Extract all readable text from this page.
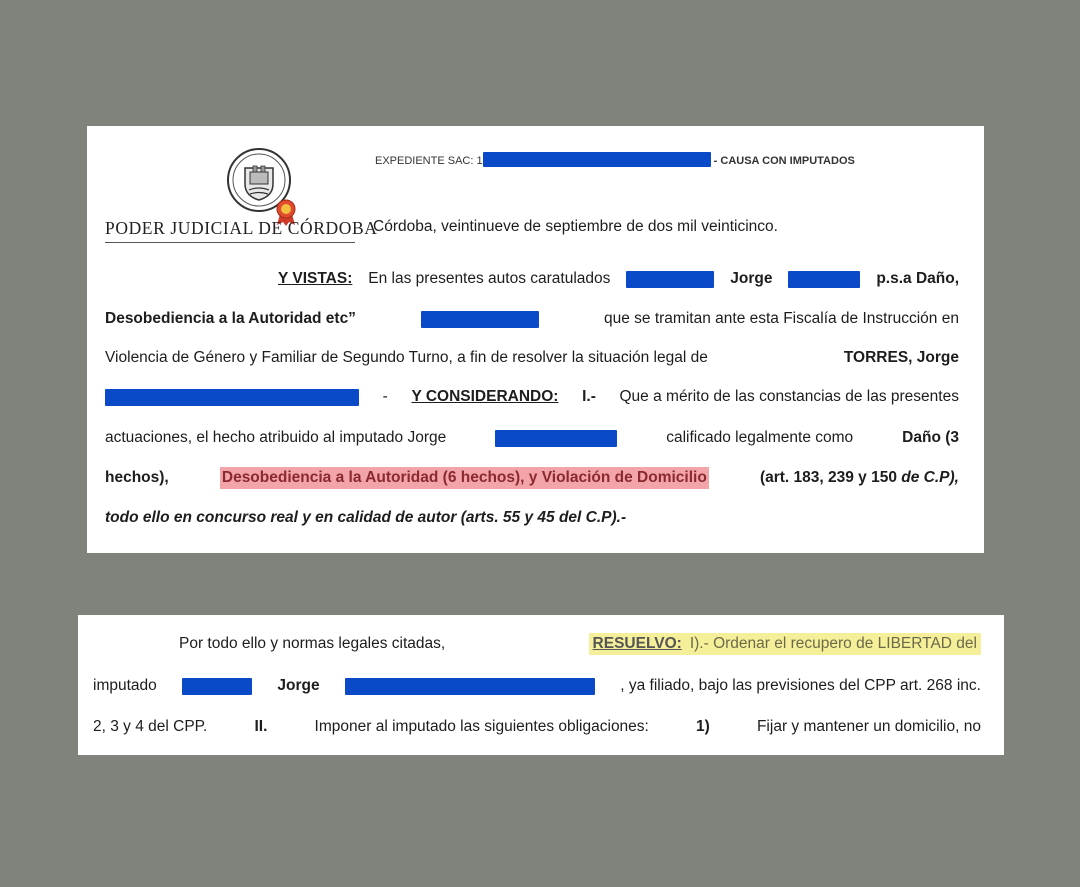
PODER JUDICIAL DE CÓRDOBA
EXPEDIENTE SAC: 1	- CAUSA CON IMPUTADOS
Córdoba, veintinueve de septiembre de dos mil veinticinco.
Y VISTAS: En las presentes autos caratulados	Jorge	p.s.a Daño,
Desobediencia a la Autoridad etc”	que se tramitan ante esta Fiscalía de Instrucción en
Violencia de Género y Familiar de Segundo Turno, a fin de resolver la situación legal de	TORRES, Jorge
- Y CONSIDERANDO: I.- Que a mérito de las constancias de las presentes
actuaciones, el hecho atribuido al imputado Jorge	calificado legalmente como	Daño (3
hechos),	Desobediencia a la Autoridad (6 hechos), y Violación de Domicilio	(art. 183, 239 y 150 de C.P),
todo ello en concurso real y en calidad de autor (arts. 55 y 45 del C.P).-
Por todo ello y normas legales citadas,	RESUELVO: I).- Ordenar el recupero de LIBERTAD del
imputado	Jorge	, ya filiado, bajo las previsiones del CPP art. 268 inc.
2, 3 y 4 del CPP.	II.	Imponer al imputado las siguientes obligaciones:	1)	Fijar y mantener un domicilio, no
